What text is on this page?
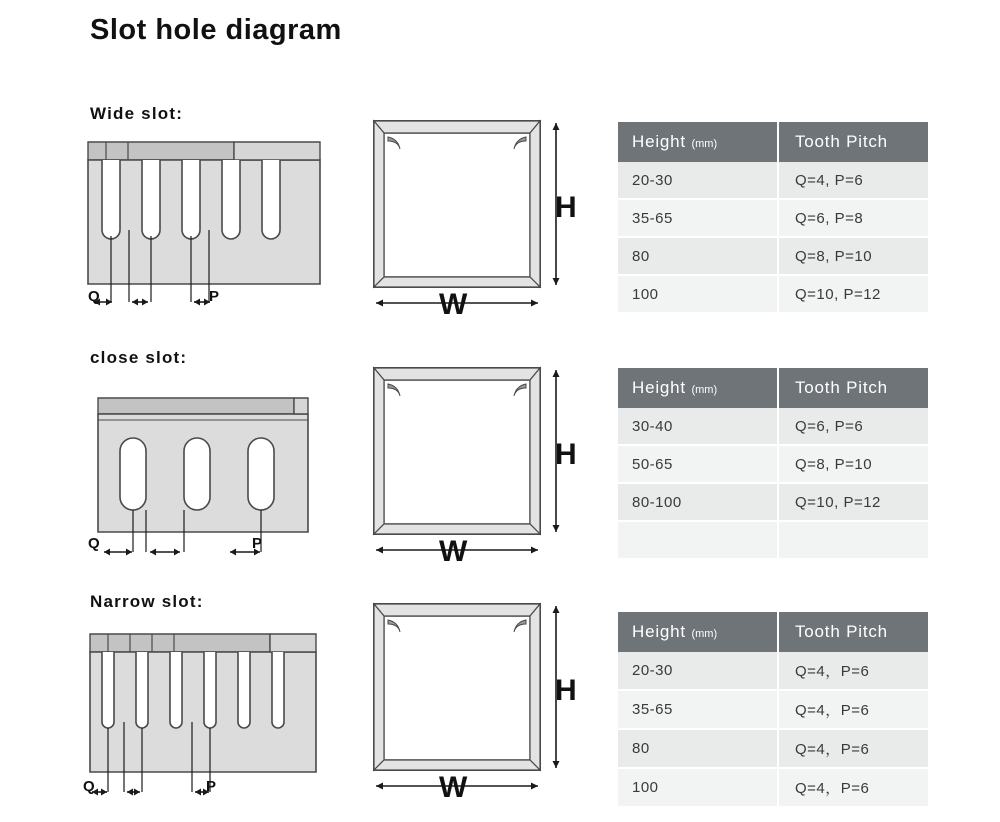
Slot hole diagram
Wide slot:
Q	P
H
W
Height (mm)	Tooth Pitch
20-30	Q=4, P=6
35-65	Q=6, P=8
80	Q=8, P=10
100	Q=10, P=12
close slot:
Q	P
H
W
Height (mm)	Tooth Pitch
30-40	Q=6, P=6
50-65	Q=8, P=10
80-100	Q=10, P=12

Narrow slot:
Q	P
H
W
Height (mm)	Tooth Pitch
20-30	Q=4，P=6
35-65	Q=4，P=6
80	Q=4，P=6
100	Q=4，P=6
